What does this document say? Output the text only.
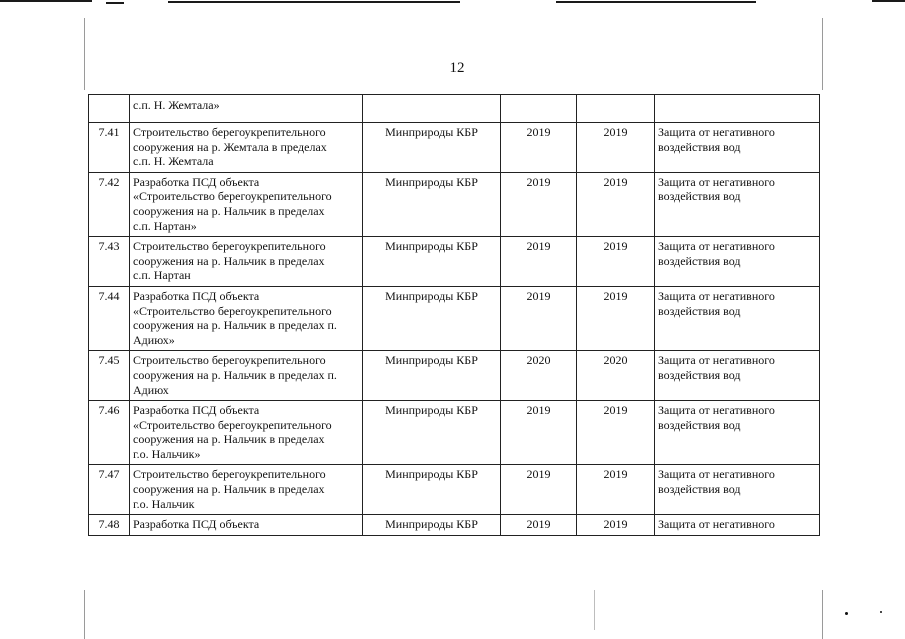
12

	с.п. Н. Жемтала»				

7.41	Строительство берегоукрепительного
сооружения на р. Жемтала в пределах
с.п. Н. Жемтала	Минприроды КБР	2019	2019	Защита от негативного
воздействия вод

7.42	Разработка ПСД объекта
«Строительство берегоукрепительного
сооружения на р. Нальчик в пределах
с.п. Нартан»	Минприроды КБР	2019	2019	Защита от негативного
воздействия вод

7.43	Строительство берегоукрепительного
сооружения на р. Нальчик в пределах
с.п. Нартан	Минприроды КБР	2019	2019	Защита от негативного
воздействия вод

7.44	Разработка ПСД объекта
«Строительство берегоукрепительного
сооружения на р. Нальчик в пределах п.
Адиюх»	Минприроды КБР	2019	2019	Защита от негативного
воздействия вод

7.45	Строительство берегоукрепительного
сооружения на р. Нальчик в пределах п.
Адиюх	Минприроды КБР	2020	2020	Защита от негативного
воздействия вод

7.46	Разработка ПСД объекта
«Строительство берегоукрепительного
сооружения на р. Нальчик в пределах
г.о. Нальчик»	Минприроды КБР	2019	2019	Защита от негативного
воздействия вод

7.47	Строительство берегоукрепительного
сооружения на р. Нальчик в пределах
г.о. Нальчик	Минприроды КБР	2019	2019	Защита от негативного
воздействия вод

7.48	Разработка ПСД объекта	Минприроды КБР	2019	2019	Защита от негативного
